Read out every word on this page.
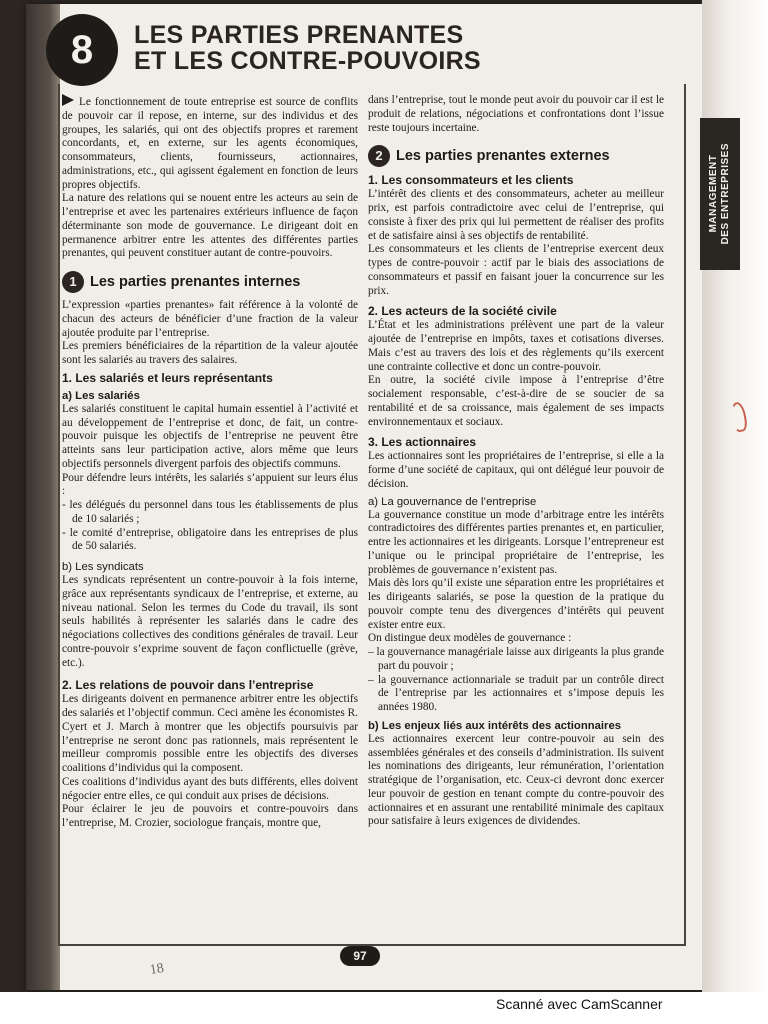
MANAGEMENT
DES ENTREPRISES
8 LES PARTIES PRENANTES
ET LES CONTRE-POUVOIRS

Le fonctionnement de toute entreprise est source de conflits de pouvoir car il repose, en interne, sur des individus et des groupes, les salariés, qui ont des objectifs propres et rarement concordants, et, en externe, sur les agents économiques, consommateurs, clients, fournisseurs, actionnaires, administrations, etc., qui agissent également en fonction de leurs propres objectifs.

La nature des relations qui se nouent entre les acteurs au sein de l’entreprise et avec les partenaires extérieurs influence de façon déterminante son mode de gouvernance. Le dirigeant doit en permanence arbitrer entre les attentes des différentes parties prenantes, qui peuvent constituer autant de contre-pouvoirs.

1 Les parties prenantes internes

L’expression «parties prenantes» fait référence à la volonté de chacun des acteurs de bénéficier d’une fraction de la valeur ajoutée produite par l’entreprise.

Les premiers bénéficiaires de la répartition de la valeur ajoutée sont les salariés au travers des salaires.

1. Les salariés et leurs représentants
a) Les salariés

Les salariés constituent le capital humain essentiel à l’activité et au développement de l’entreprise et donc, de fait, un contre-pouvoir puisque les objectifs de l’entreprise ne peuvent être atteints sans leur participation active, alors même que leurs objectifs personnels divergent parfois des objectifs communs.

Pour défendre leurs intérêts, les salariés s’appuient sur leurs élus :

- les délégués du personnel dans tous les établissements de plus de 10 salariés ;

- le comité d’entreprise, obligatoire dans les entreprises de plus de 50 salariés.

b) Les syndicats

Les syndicats représentent un contre-pouvoir à la fois interne, grâce aux représentants syndicaux de l’entreprise, et externe, au niveau national. Selon les termes du Code du travail, ils sont seuls habilités à représenter les salariés dans le cadre des négociations collectives des conditions générales de travail. Leur contre-pouvoir s’exprime souvent de façon conflictuelle (grève, etc.).

2. Les relations de pouvoir dans l’entreprise

Les dirigeants doivent en permanence arbitrer entre les objectifs des salariés et l’objectif commun. Ceci amène les économistes R. Cyert et J. March à montrer que les objectifs poursuivis par l’entreprise ne seront donc pas rationnels, mais représentent le meilleur compromis possible entre les objectifs des diverses coalitions d’individus qui la composent.

Ces coalitions d’individus ayant des buts différents, elles doivent négocier entre elles, ce qui conduit aux prises de décisions.

Pour éclairer le jeu de pouvoirs et contre-pouvoirs dans l’entreprise, M. Crozier, sociologue français, montre que,

dans l’entreprise, tout le monde peut avoir du pouvoir car il est le produit de relations, négociations et confrontations dont l’issue reste toujours incertaine.

2 Les parties prenantes externes
1. Les consommateurs et les clients

L’intérêt des clients et des consommateurs, acheter au meilleur prix, est parfois contradictoire avec celui de l’entreprise, qui consiste à fixer des prix qui lui permettent de réaliser des profits et de satisfaire ainsi à ses objectifs de rentabilité.

Les consommateurs et les clients de l’entreprise exercent deux types de contre-pouvoir : actif par le biais des associations de consommateurs et passif en faisant jouer la concurrence sur les prix.

2. Les acteurs de la société civile

L’État et les administrations prélèvent une part de la valeur ajoutée de l’entreprise en impôts, taxes et cotisations diverses. Mais c’est au travers des lois et des règlements qu’ils exercent une contrainte collective et donc un contre-pouvoir.

En outre, la société civile impose à l’entreprise d’être socialement responsable, c’est-à-dire de se soucier de sa rentabilité et de sa croissance, mais également de ses impacts environnementaux et sociaux.

3. Les actionnaires

Les actionnaires sont les propriétaires de l’entreprise, si elle a la forme d’une société de capitaux, qui ont délégué leur pouvoir de décision.

a) La gouvernance de l’entreprise

La gouvernance constitue un mode d’arbitrage entre les intérêts contradictoires des différentes parties prenantes et, en particulier, entre les actionnaires et les dirigeants. Lorsque l’entrepreneur est l’unique ou le principal propriétaire de l’entreprise, les problèmes de gouvernance n’existent pas.

Mais dès lors qu’il existe une séparation entre les propriétaires et les dirigeants salariés, se pose la question de la pratique du pouvoir compte tenu des divergences d’intérêts qui peuvent exister entre eux.

On distingue deux modèles de gouvernance :

– la gouvernance managériale laisse aux dirigeants la plus grande part du pouvoir ;

– la gouvernance actionnariale se traduit par un contrôle direct de l’entreprise par les actionnaires et s’impose depuis les années 1980.

b) Les enjeux liés aux intérêts des actionnaires

Les actionnaires exercent leur contre-pouvoir au sein des assemblées générales et des conseils d’administration. Ils suivent les nominations des dirigeants, leur rémunération, l’orientation stratégique de l’organisation, etc. Ceux-ci devront donc exercer leur pouvoir de gestion en tenant compte du contre-pouvoir des actionnaires et en assurant une rentabilité minimale des capitaux pour satisfaire à leurs exigences de dividendes.

97
18
Scanné avec CamScanner
